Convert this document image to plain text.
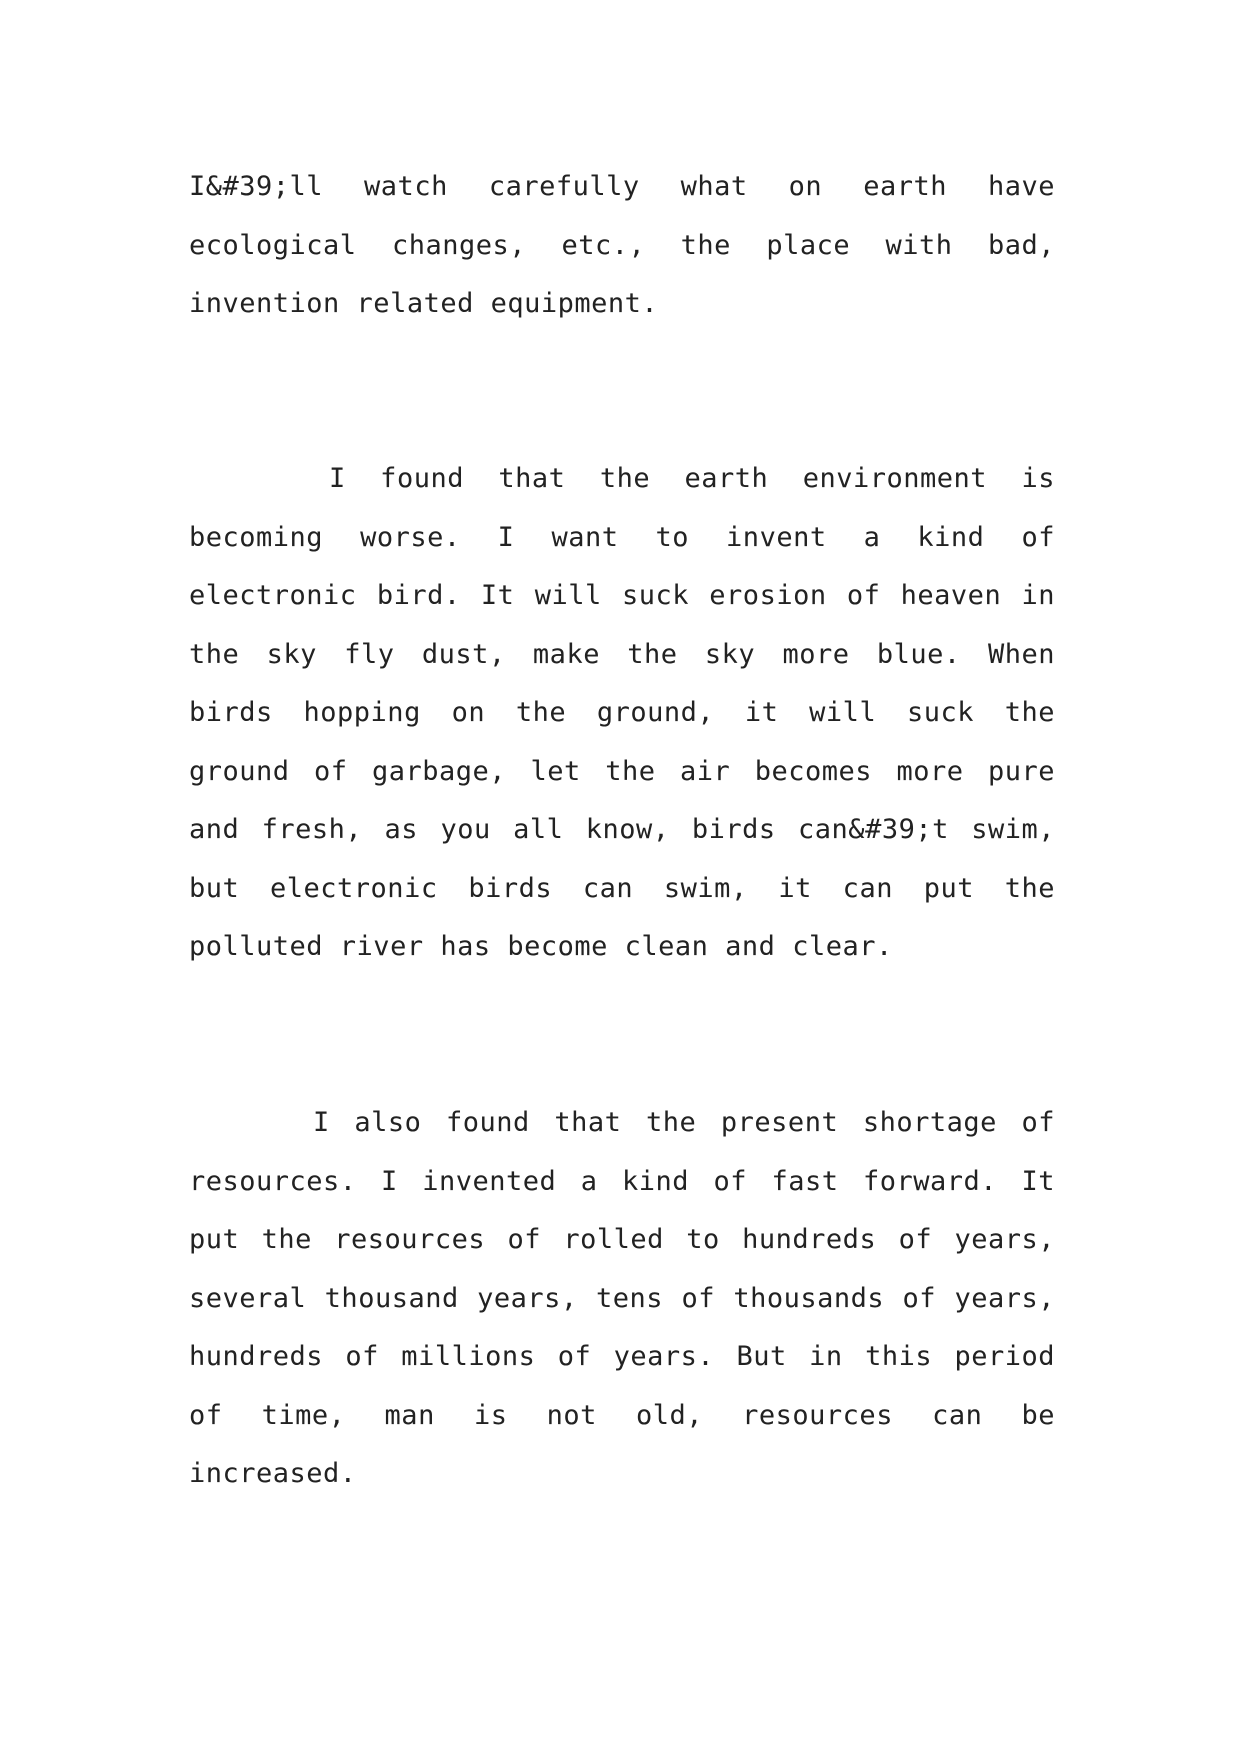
I&#39;ll watch carefully what on earth have ecological changes, etc., the place with bad, invention related equipment.

I found that the earth environment is becoming worse. I want to invent a kind of electronic bird. It will suck erosion of heaven in the sky fly dust, make the sky more blue. When birds hopping on the ground, it will suck the ground of garbage, let the air becomes more pure and fresh, as you all know, birds can&#39;t swim, but electronic birds can swim, it can put the polluted river has become clean and clear.

I also found that the present shortage of resources. I invented a kind of fast forward. It put the resources of rolled to hundreds of years, several thousand years, tens of thousands of years, hundreds of millions of years. But in this period of time, man is not old, resources can be increased.
